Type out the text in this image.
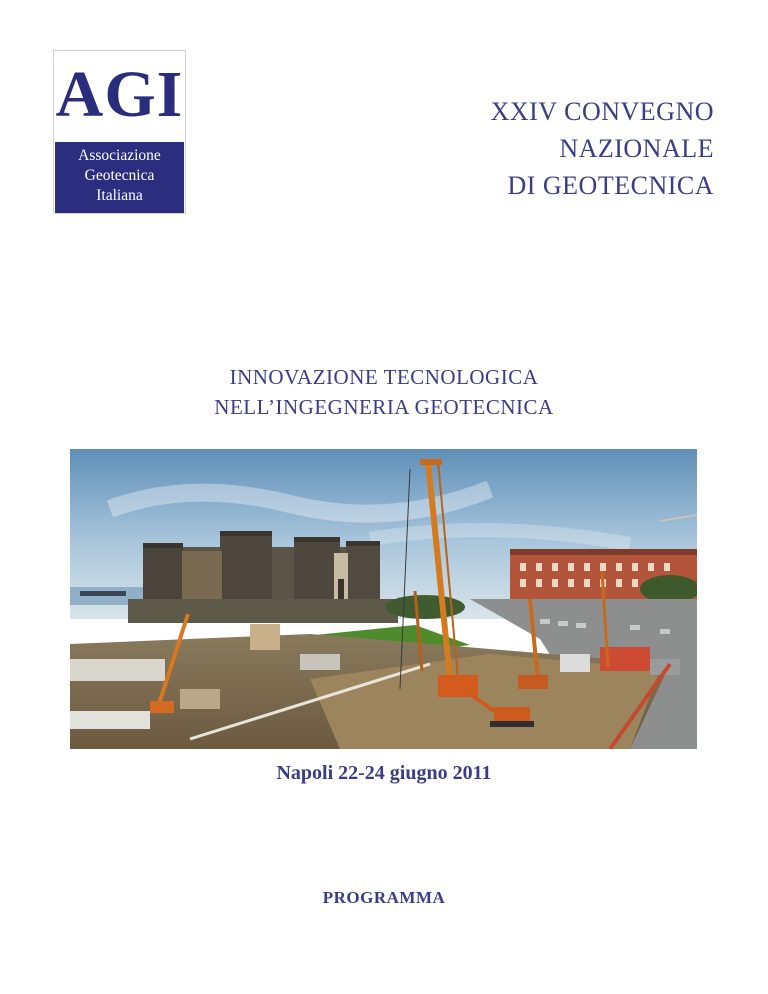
AGI
Associazione
Geotecnica
Italiana
XXIV CONVEGNO
NAZIONALE
DI GEOTECNICA
INNOVAZIONE TECNOLOGICA
NELL’INGEGNERIA GEOTECNICA
Napoli 22-24 giugno 2011
PROGRAMMA
